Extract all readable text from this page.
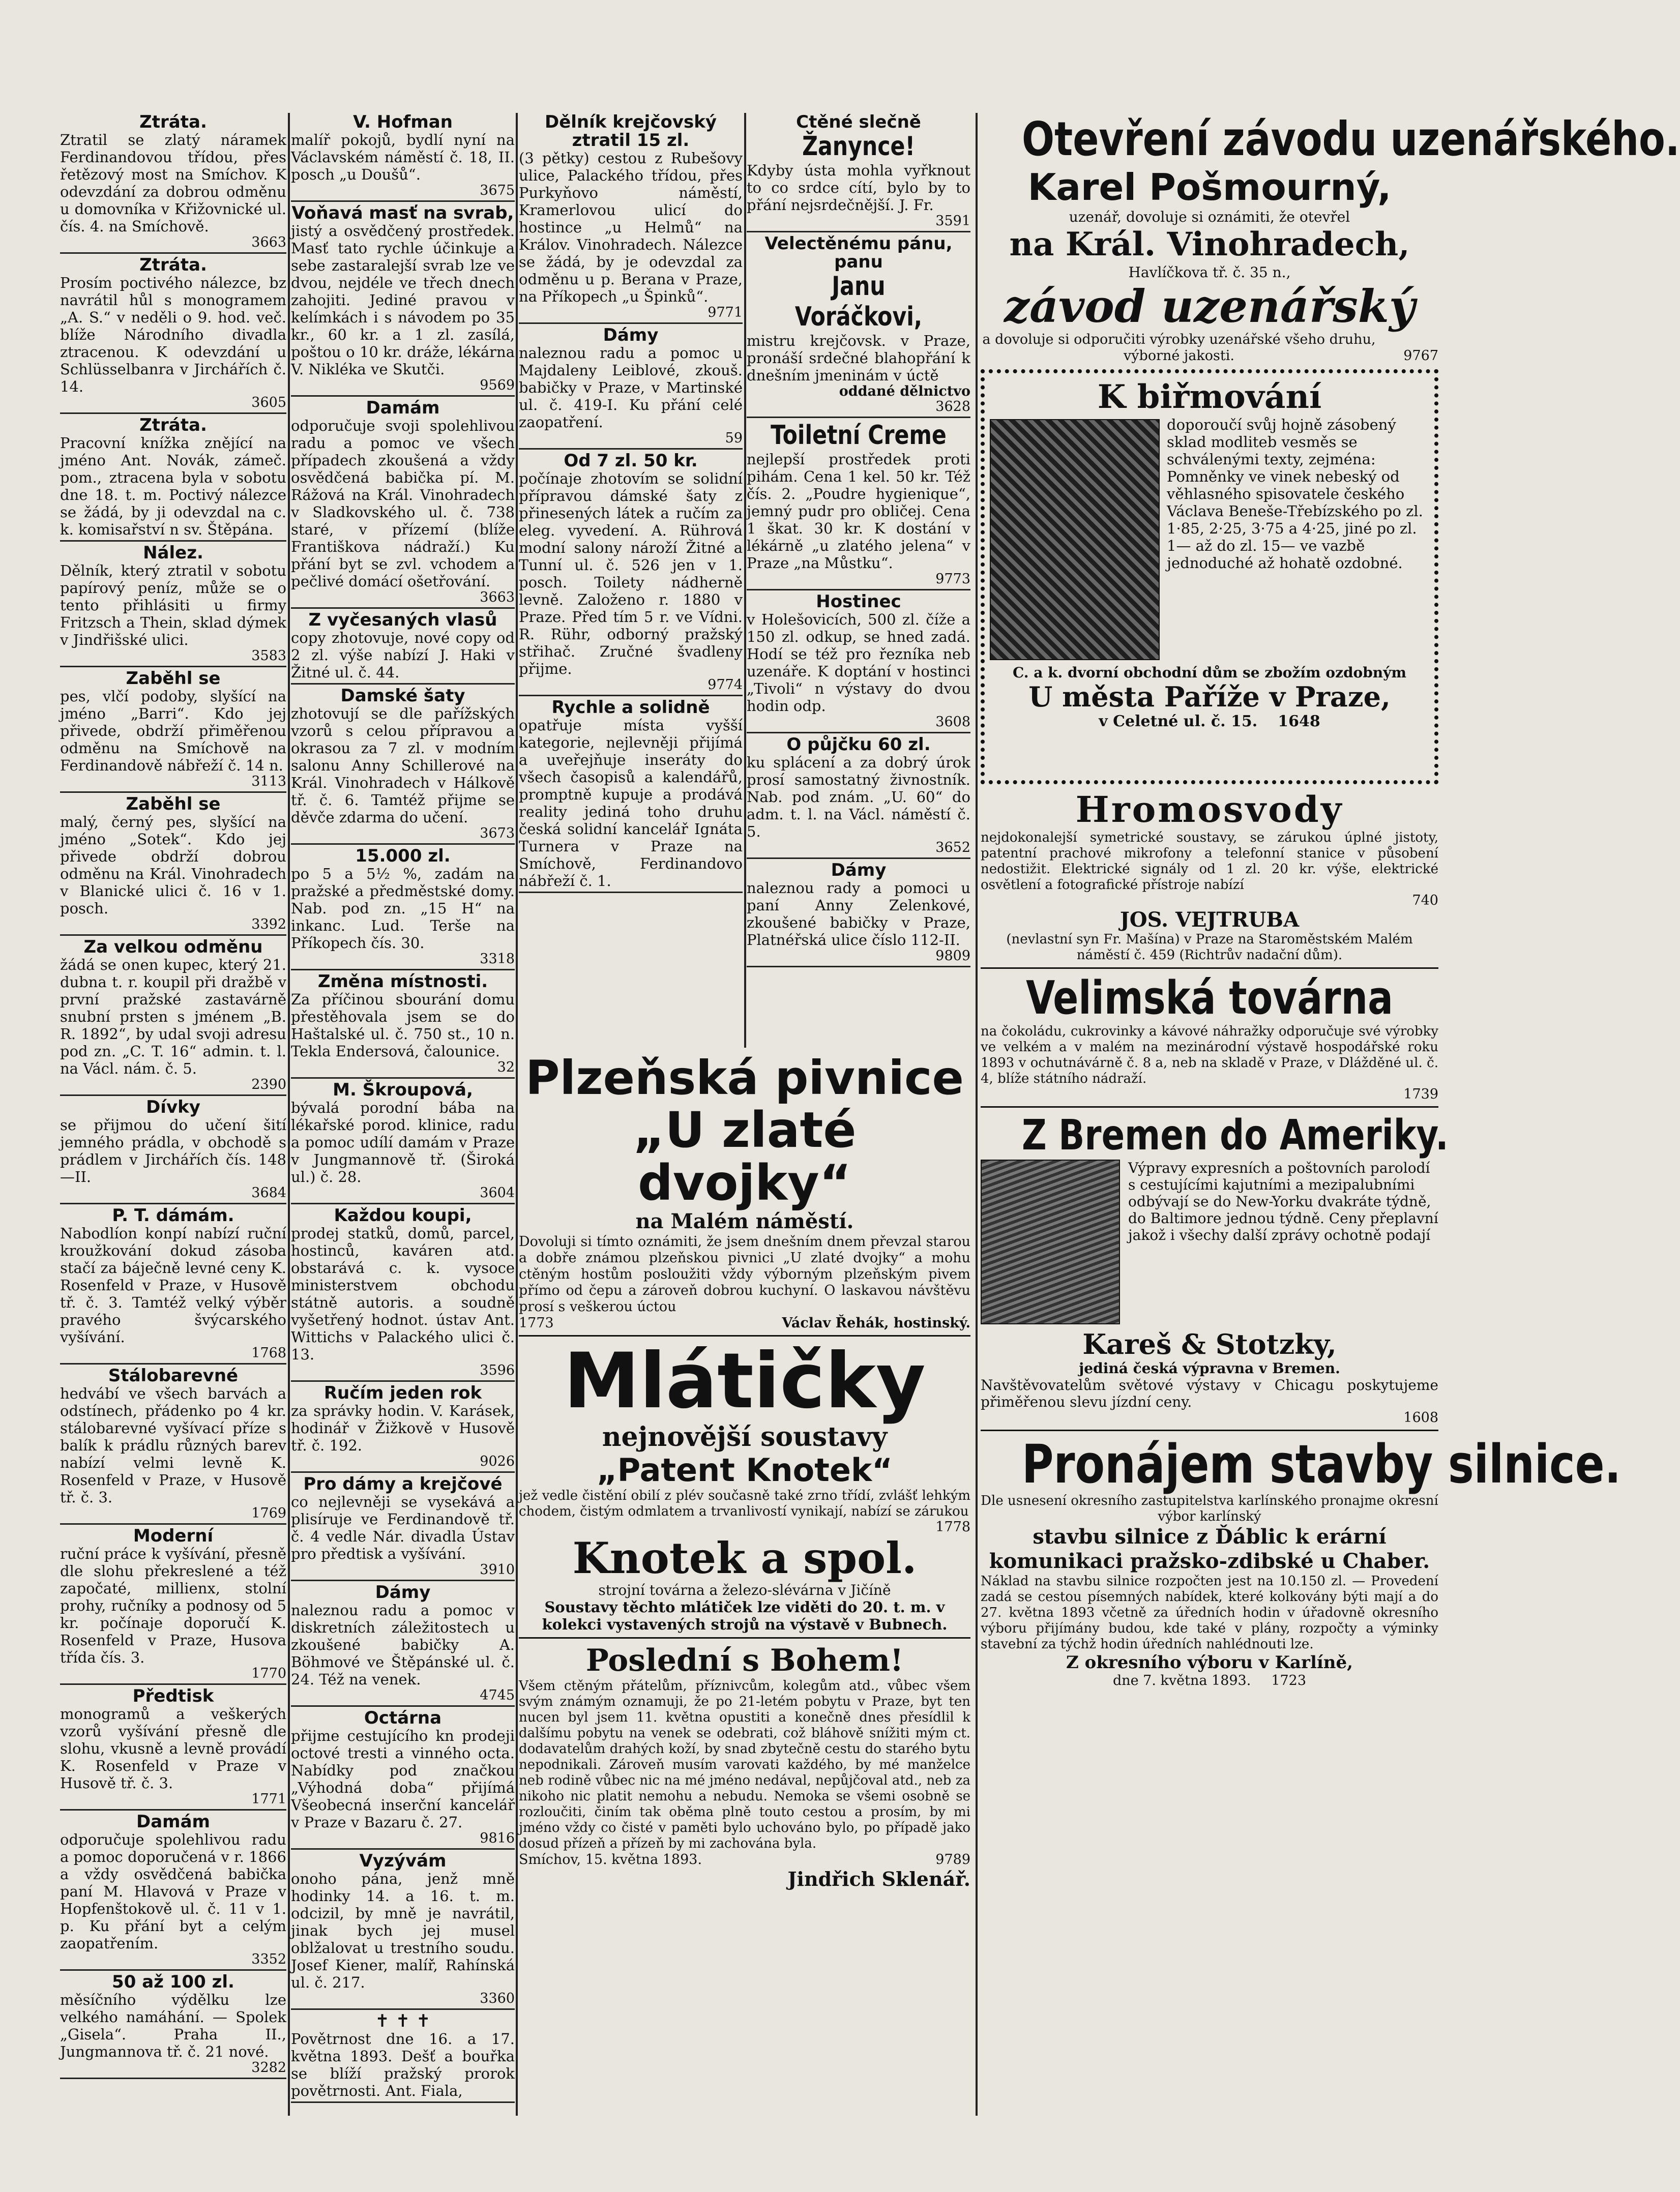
Ztráta.

Ztratil se zlatý náramek Ferdinandovou třídou, přes řetězový most na Smíchov. K odevzdání za dobrou odměnu u domovníka v Křižovnické ul. čís. 4. na Smíchově.

3663

Ztráta.

Prosím poctivého nálezce, bz navrátil hůl s monogramem „A. S.“ v neděli o 9. hod. več. blíže Národního divadla ztracenou. K odevzdání u Schlüsselbanra v Jirchářích č. 14.

3605

Ztráta.

Pracovní knížka znějící na jméno Ant. Novák, zámeč. pom., ztracena byla v sobotu dne 18. t. m. Poctivý nálezce se žádá, by ji odevzdal na c. k. komisařství n sv. Štěpána.

Nález.

Dělník, který ztratil v sobotu papírový peníz, může se o tento přihlásiti u firmy Fritzsch a Thein, sklad dýmek v Jindřišské ulici.

3583

Zaběhl se

pes, vlčí podoby, slyšící na jméno „Barri“. Kdo jej přivede, obdrží přiměřenou odměnu na Smíchově na Ferdinandově nábřeží č. 14 n.

3113

Zaběhl se

malý, černý pes, slyšící na jméno „Sotek“. Kdo jej přivede obdrží dobrou odměnu na Král. Vinohradech v Blanické ulici č. 16 v 1. posch.

3392

Za velkou odměnu

žádá se onen kupec, který 21. dubna t. r. koupil při dražbě v první pražské zastavárně snubní prsten s jménem „B. R. 1892“, by udal svoji adresu pod zn. „C. T. 16“ admin. t. l. na Václ. nám. č. 5.

2390

Dívky

se přijmou do učení šití jemného prádla, v obchodě s prádlem v Jirchářích čís. 148—II.

3684

P. T. dámám.

Nabodlíon konpí nabízí ruční kroužkování dokud zásoba stačí za báječně levné ceny K. Rosenfeld v Praze, v Husově tř. č. 3. Tamtéž velký výběr pravého švýcarského vyšívání.

1768

Stálobarevné

hedvábí ve všech barvách a odstínech, přádenko po 4 kr. stálobarevné vyšívací příze s balík k prádlu různých barev nabízí velmi levně K. Rosenfeld v Praze, v Husově tř. č. 3.

1769

Moderní

ruční práce k vyšívání, přesně dle slohu překreslené a též započaté, millienx, stolní prohy, ručníky a podnosy od 5 kr. počínaje doporučí K. Rosenfeld v Praze, Husova třída čís. 3.

1770

Předtisk

monogramů a veškerých vzorů vyšívání přesně dle slohu, vkusně a levně provádí K. Rosenfeld v Praze v Husově tř. č. 3.

1771

Damám

odporučuje spolehlivou radu a pomoc doporučená v r. 1866 a vždy osvědčená babička paní M. Hlavová v Praze v Hopfenštokově ul. č. 11 v 1. p. Ku přání byt a celým zaopatřením.

3352

50 až 100 zl.

měsíčního výdělku lze velkého namáhání. — Spolek „Gisela“. Praha II., Jungmannova tř. č. 21 nové.

3282

V. Hofman

malíř pokojů, bydlí nyní na Václavském náměstí č. 18, II. posch „u Doušů“.

3675

Voňavá masť na svrab,

jistý a osvědčený prostředek. Masť tato rychle účinkuje a sebe zastaralejší svrab lze ve dvou, nejdéle ve třech dnech zahojiti. Jediné pravou v kelímkách i s návodem po 35 kr., 60 kr. a 1 zl. zasílá, poštou o 10 kr. dráže, lékárna V. Nikléka ve Skutči.

9569

Damám

odporučuje svoji spolehlivou radu a pomoc ve všech případech zkoušená a vždy osvědčená babička pí. M. Rážová na Král. Vinohradech v Sladkovského ul. č. 738 staré, v přízemí (blíže Františkova nádraží.) Ku přání byt se zvl. vchodem a pečlivé domácí ošetřování.

3663

Z vyčesaných vlasů

copy zhotovuje, nové copy od 2 zl. výše nabízí J. Haki v Žitné ul. č. 44.

Damské šaty

zhotovují se dle pařížských vzorů s celou přípravou a okrasou za 7 zl. v modním salonu Anny Schillerové na Král. Vinohradech v Hálkově tř. č. 6. Tamtéž přijme se děvče zdarma do učení.

3673

15.000 zl.

po 5 a 5½ %, zadám na pražské a předměstské domy. Nab. pod zn. „15 H“ na inkanc. Lud. Terše na Příkopech čís. 30.

3318

Změna místnosti.

Za příčinou sbourání domu přestěhovala jsem se do Haštalské ul. č. 750 st., 10 n. Tekla Endersová, čalounice.

32

M. Škroupová,

bývalá porodní bába na lékařské porod. klinice, radu a pomoc udílí damám v Praze v Jungmannově tř. (Široká ul.) č. 28.

3604

Každou koupi,

prodej statků, domů, parcel, hostinců, kaváren atd. obstarává c. k. vysoce ministerstvem obchodu státně autoris. a soudně vyšetřený hodnot. ústav Ant. Wittichs v Palackého ulici č. 13.

3596

Ručím jeden rok

za správky hodin. V. Karásek, hodinář v Žižkově v Husově tř. č. 192.

9026

Pro dámy a krejčové

co nejlevněji se vysekává a plisíruje ve Ferdinandově tř. č. 4 vedle Nár. divadla Ústav pro předtisk a vyšívání.

3910

Dámy

naleznou radu a pomoc v diskretních záležitostech u zkoušené babičky A. Böhmové ve Štěpánské ul. č. 24. Též na venek.

4745

Octárna

přijme cestujícího kn prodeji octové tresti a vinného octa. Nabídky pod značkou „Výhodná doba“ přijímá Všeobecná inserční kancelář v Praze v Bazaru č. 27.

9816

Vyzývám

onoho pána, jenž mně hodinky 14. a 16. t. m. odcizil, by mně je navrátil, jinak bych jej musel oblžalovat u trestního soudu. Josef Kiener, malíř, Rahínská ul. č. 217.

3360

✝ ✝ ✝

Povětrnost dne 16. a 17. května 1893. Dešť a bouřka se blíží pražský prorok povětrnosti. Ant. Fiala,

Dělník krejčovský ztratil 15 zl.

(3 pětky) cestou z Rubešovy ulice, Palackého třídou, přes Purkyňovo náměstí, Kramerlovou ulicí do hostince „u Helmů“ na Králov. Vinohradech. Nálezce se žádá, by je odevzdal za odměnu u p. Berana v Praze, na Příkopech „u Špinků“.

9771

Dámy

naleznou radu a pomoc u Majdaleny Leiblové, zkouš. babičky v Praze, v Martinské ul. č. 419-I. Ku přání celé zaopatření.

59

Od 7 zl. 50 kr.

počínaje zhotovím se solidní přípravou dámské šaty z přinesených látek a ručím za eleg. vyvedení. A. Rührová modní salony nároží Žitné a Tunní ul. č. 526 jen v 1. posch. Toilety nádherně levně. Založeno r. 1880 v Praze. Před tím 5 r. ve Vídni. R. Rühr, odborný pražský střihač. Zručné švadleny přijme.

9774

Rychle a solidně

opatřuje místa vyšší kategorie, nejlevněji přijímá a uveřejňuje inseráty do všech časopisů a kalendářů, promptně kupuje a prodává reality jediná toho druhu česká solidní kancelář Ignáta Turnera v Praze na Smíchově, Ferdinandovo nábřeží č. 1.

Ctěné slečně

Žanynce!

Kdyby ústa mohla vyřknout to co srdce cítí, bylo by to přání nejsrdečnější. J. Fr.

3591

Velectěnému pánu, panu

Janu Voráčkovi,

mistru krejčovsk. v Praze, pronáší srdečné blahopřání k dnešním jmeninám v úctě

oddané dělnictvo

3628

Toiletní Creme

nejlepší prostředek proti pihám. Cena 1 kel. 50 kr. Též čís. 2. „Poudre hygienique“, jemný pudr pro obličej. Cena 1 škat. 30 kr. K dostání v lékárně „u zlatého jelena“ v Praze „na Můstku“.

9773

Hostinec

v Holešovicích, 500 zl. číže a 150 zl. odkup, se hned zadá. Hodí se též pro řezníka neb uzenáře. K doptání v hostinci „Tivoli“ n výstavy do dvou hodin odp.

3608

O půjčku 60 zl.

ku splácení a za dobrý úrok prosí samostatný živnostník. Nab. pod znám. „U. 60“ do adm. t. l. na Václ. náměstí č. 5.

3652

Dámy

naleznou rady a pomoci u paní Anny Zelenkové, zkoušené babičky v Praze, Platnéřská ulice číslo 112-II.

9809

Plzeňská pivnice
„U zlaté dvojky“
na Malém náměstí.

Dovoluji si tímto oznámiti, že jsem dnešním dnem převzal starou a dobře známou plzeňskou pivnici „U zlaté dvojky“ a mohu ctěným hostům posloužiti vždy výborným plzeňským pivem přímo od čepu a zároveň dobrou kuchyní. O laskavou návštěvu prosí s veškerou úctou

1773	Václav Řehák, hostinský.
Mlátičky
nejnovější soustavy
„Patent Knotek“

jež vedle čistění obilí z plév současně také zrno třídí, zvlášť lehkým chodem, čistým odmlatem a trvanlivostí vynikají, nabízí se zárukou

1778

Knotek a spol.
strojní továrna a železo-slévárna v Jičíně

Soustavy těchto mlátiček lze viděti do 20. t. m. v kolekci vystavených strojů na výstavě v Bubnech.

Poslední s Bohem!

Všem ctěným přátelům, příznivcům, kolegům atd., vůbec všem svým známým oznamuji, že po 21-letém pobytu v Praze, byt ten nucen byl jsem 11. května opustiti a konečně dnes přesídlil k dalšímu pobytu na venek se odebrati, což bláhově snížiti mým ct. dodavatelům drahých koží, by snad zbytečně cestu do starého bytu nepodnikali. Zároveň musím varovati každého, by mé manželce neb rodině vůbec nic na mé jméno nedával, nepůjčoval atd., neb za nikoho nic platit nemohu a nebudu. Nemoka se všemi osobně se rozloučiti, činím tak oběma plně touto cestou a prosím, by mi jméno vždy co čisté v paměti bylo uchováno bylo, po případě jako dosud přízeň a přízeň by mi zachována byla.

Smíchov, 15. května 1893.	9789
Jindřich Sklenář.
Otevření závodu uzenářského.
Karel Pošmourný,
uzenář, dovoluje si oznámiti, že otevřel
na Král. Vinohradech,
Havlíčkova tř. č. 35 n.,
závod uzenářský
a dovoluje si odporučiti výrobky uzenářské všeho druhu, výborné jakosti.	9767
K biřmování

doporoučí svůj hojně zásobený sklad modliteb vesměs se schválenými texty, zejména: Pomněnky ve vinek nebeský od věhlasného spisovatele českého Václava Beneše-Třebízského po zl. 1·85, 2·25, 3·75 a 4·25, jiné po zl. 1— až do zl. 15— ve vazbě jednoduché až hohatě ozdobné.

C. a k. dvorní obchodní dům se zbožím ozdobným
U města Paříže v Praze,
v Celetné ul. č. 15. 1648
Hromosvody

nejdokonalejší symetrické soustavy, se zárukou úplné jistoty, patentní prachové mikrofony a telefonní stanice v působení nedostižit. Elektrické signály od 1 zl. 20 kr. výše, elektrické osvětlení a fotografické přístroje nabízí

740

JOS. VEJTRUBA
(nevlastní syn Fr. Mašína) v Praze na Staroměstském Malém náměstí č. 459 (Richtrův nadační dům).
Velimská továrna

na čokoládu, cukrovinky a kávové náhražky odporučuje své výrobky ve velkém a v malém na mezinárodní výstavě hospodářské roku 1893 v ochutnávárně č. 8 a, neb na skladě v Praze, v Dlážděné ul. č. 4, blíže státního nádraží.

1739

Z Bremen do Ameriky.

Výpravy expresních a poštovních parolodí s cestujícími kajutními a mezipalubními odbývají se do New-Yorku dvakráte týdně, do Baltimore jednou týdně. Ceny přeplavní jakož i všechy další zprávy ochotně podají

Kareš & Stotzky,
jediná česká výpravna v Bremen.

Navštěvovatelům světové výstavy v Chicagu poskytujeme přiměřenou slevu jízdní ceny.

1608

Pronájem stavby silnice.
Dle usnesení okresního zastupitelstva karlínského pronajme okresní výbor karlínský
stavbu silnice z Ďáblic k erární komunikaci pražsko-zdibské u Chaber.

Náklad na stavbu silnice rozpočten jest na 10.150 zl. — Provedení zadá se cestou písemných nabídek, které kolkovány býti mají a do 27. května 1893 včetně za úředních hodin v úřadovně okresního výboru přijímány budou, kde také v plány, rozpočty a výminky stavební za týchž hodin úředních nahlédnouti lze.

Z okresního výboru v Karlíně,
dne 7. května 1893. 1723
